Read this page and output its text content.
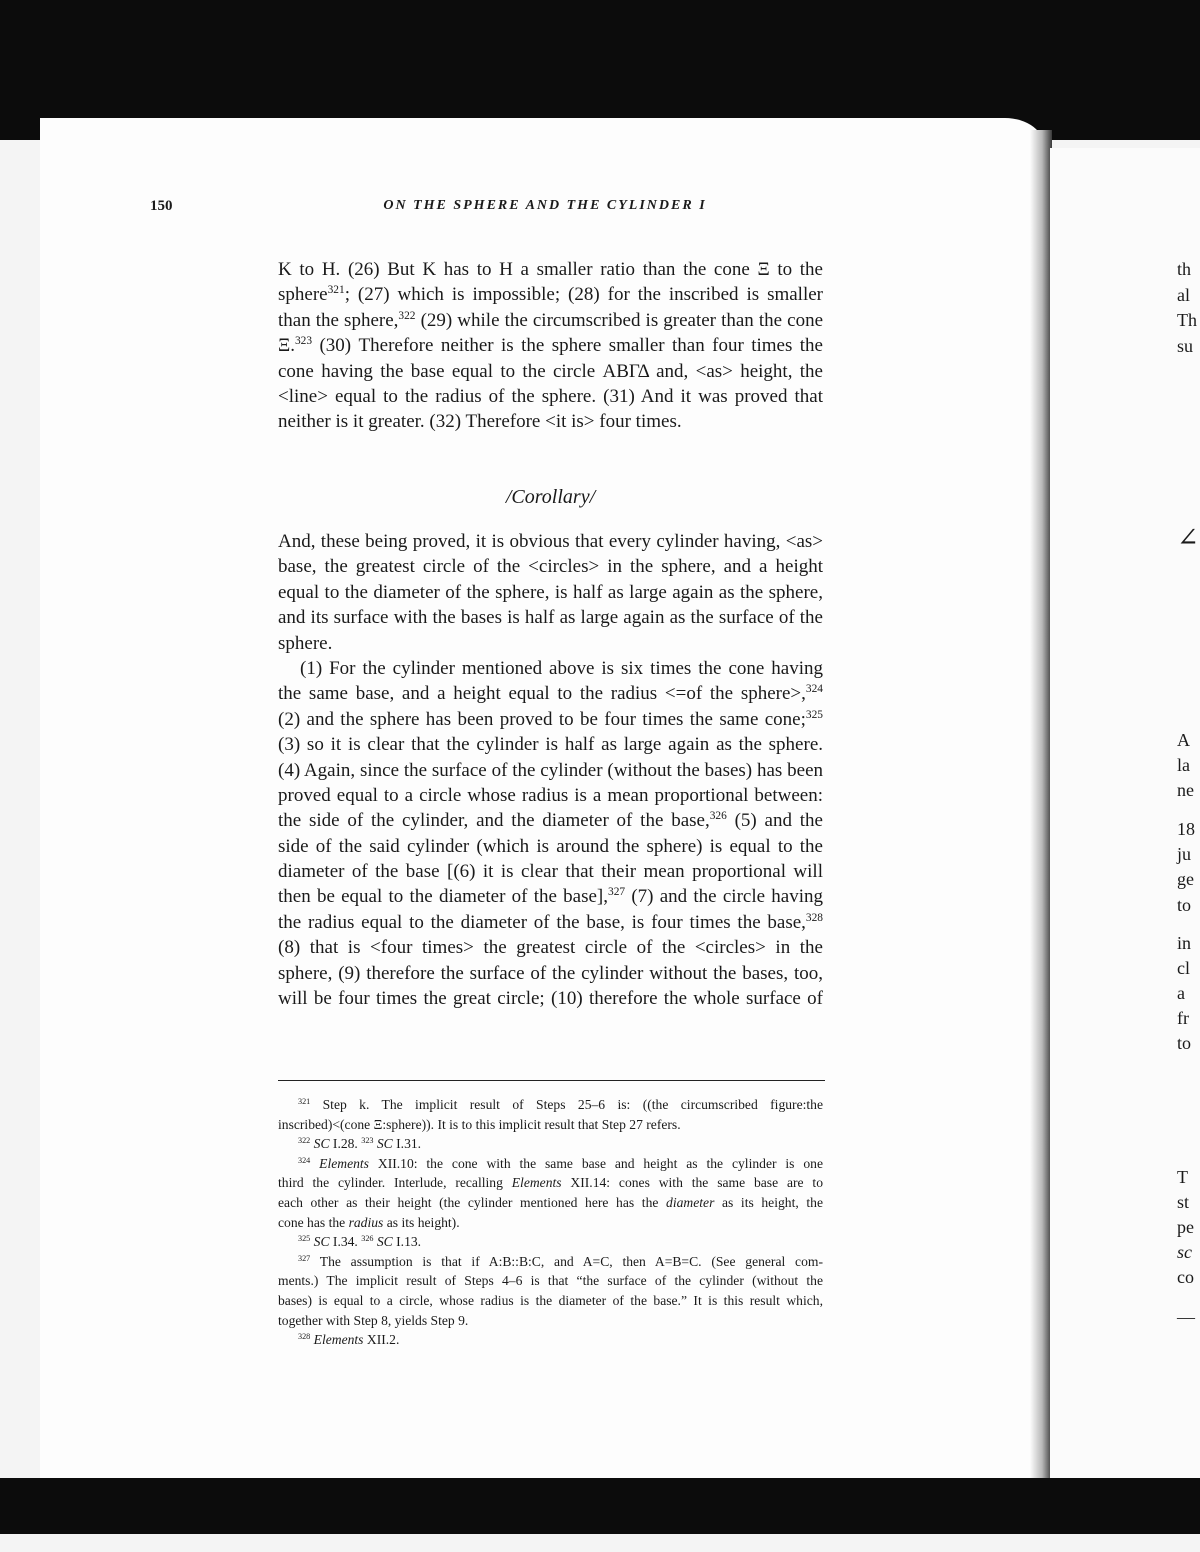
150	ON THE SPHERE AND THE CYLINDER I
K to H. (26) But K has to H a smaller ratio than the cone Ξ to the
sphere$^{321}$; (27) which is impossible; (28) for the inscribed is smaller
than the sphere,$^{322}$ (29) while the circumscribed is greater than the cone
Ξ.$^{323}$ (30) Therefore neither is the sphere smaller than four times the
cone having the base equal to the circle ΑΒΓΔ and, <as> height, the
<line> equal to the radius of the sphere. (31) And it was proved that
neither is it greater. (32) Therefore <it is> four times.
/Corollary/
And, these being proved, it is obvious that every cylinder having, <as>
base, the greatest circle of the <circles> in the sphere, and a height
equal to the diameter of the sphere, is half as large again as the sphere,
and its surface with the bases is half as large again as the surface of the
sphere.
(1) For the cylinder mentioned above is six times the cone having
the same base, and a height equal to the radius <=of the sphere>,$^{324}$
(2) and the sphere has been proved to be four times the same cone;$^{325}$
(3) so it is clear that the cylinder is half as large again as the sphere.
(4) Again, since the surface of the cylinder (without the bases) has been
proved equal to a circle whose radius is a mean proportional between:
the side of the cylinder, and the diameter of the base,$^{326}$ (5) and the
side of the said cylinder (which is around the sphere) is equal to the
diameter of the base [(6) it is clear that their mean proportional will
then be equal to the diameter of the base],$^{327}$ (7) and the circle having
the radius equal to the diameter of the base, is four times the base,$^{328}$
(8) that is <four times> the greatest circle of the <circles> in the
sphere, (9) therefore the surface of the cylinder without the bases, too,
will be four times the great circle; (10) therefore the whole surface of
$^{321}$ Step k. The implicit result of Steps 25–6 is: ((the circumscribed figure:the
inscribed)<(cone Ξ:sphere)). It is to this implicit result that Step 27 refers.
$^{322}$ SC I.28. $^{323}$ SC I.31.
$^{324}$ Elements XII.10: the cone with the same base and height as the cylinder is one
third the cylinder. Interlude, recalling Elements XII.14: cones with the same base are to
each other as their height (the cylinder mentioned here has the diameter as its height, the
cone has the radius as its height).
$^{325}$ SC I.34. $^{326}$ SC I.13.
$^{327}$ The assumption is that if A:B::B:C, and A=C, then A=B=C. (See general com-
ments.) The implicit result of Steps 4–6 is that “the surface of the cylinder (without the
bases) is equal to a circle, whose radius is the diameter of the base.” It is this result which,
together with Step 8, yields Step 9.
$^{328}$ Elements XII.2.
th
al
Th
su
∠
A
la
ne
18
ju
ge
to
in
cl
a
fr
to
T
st
pe
sc
co
—
